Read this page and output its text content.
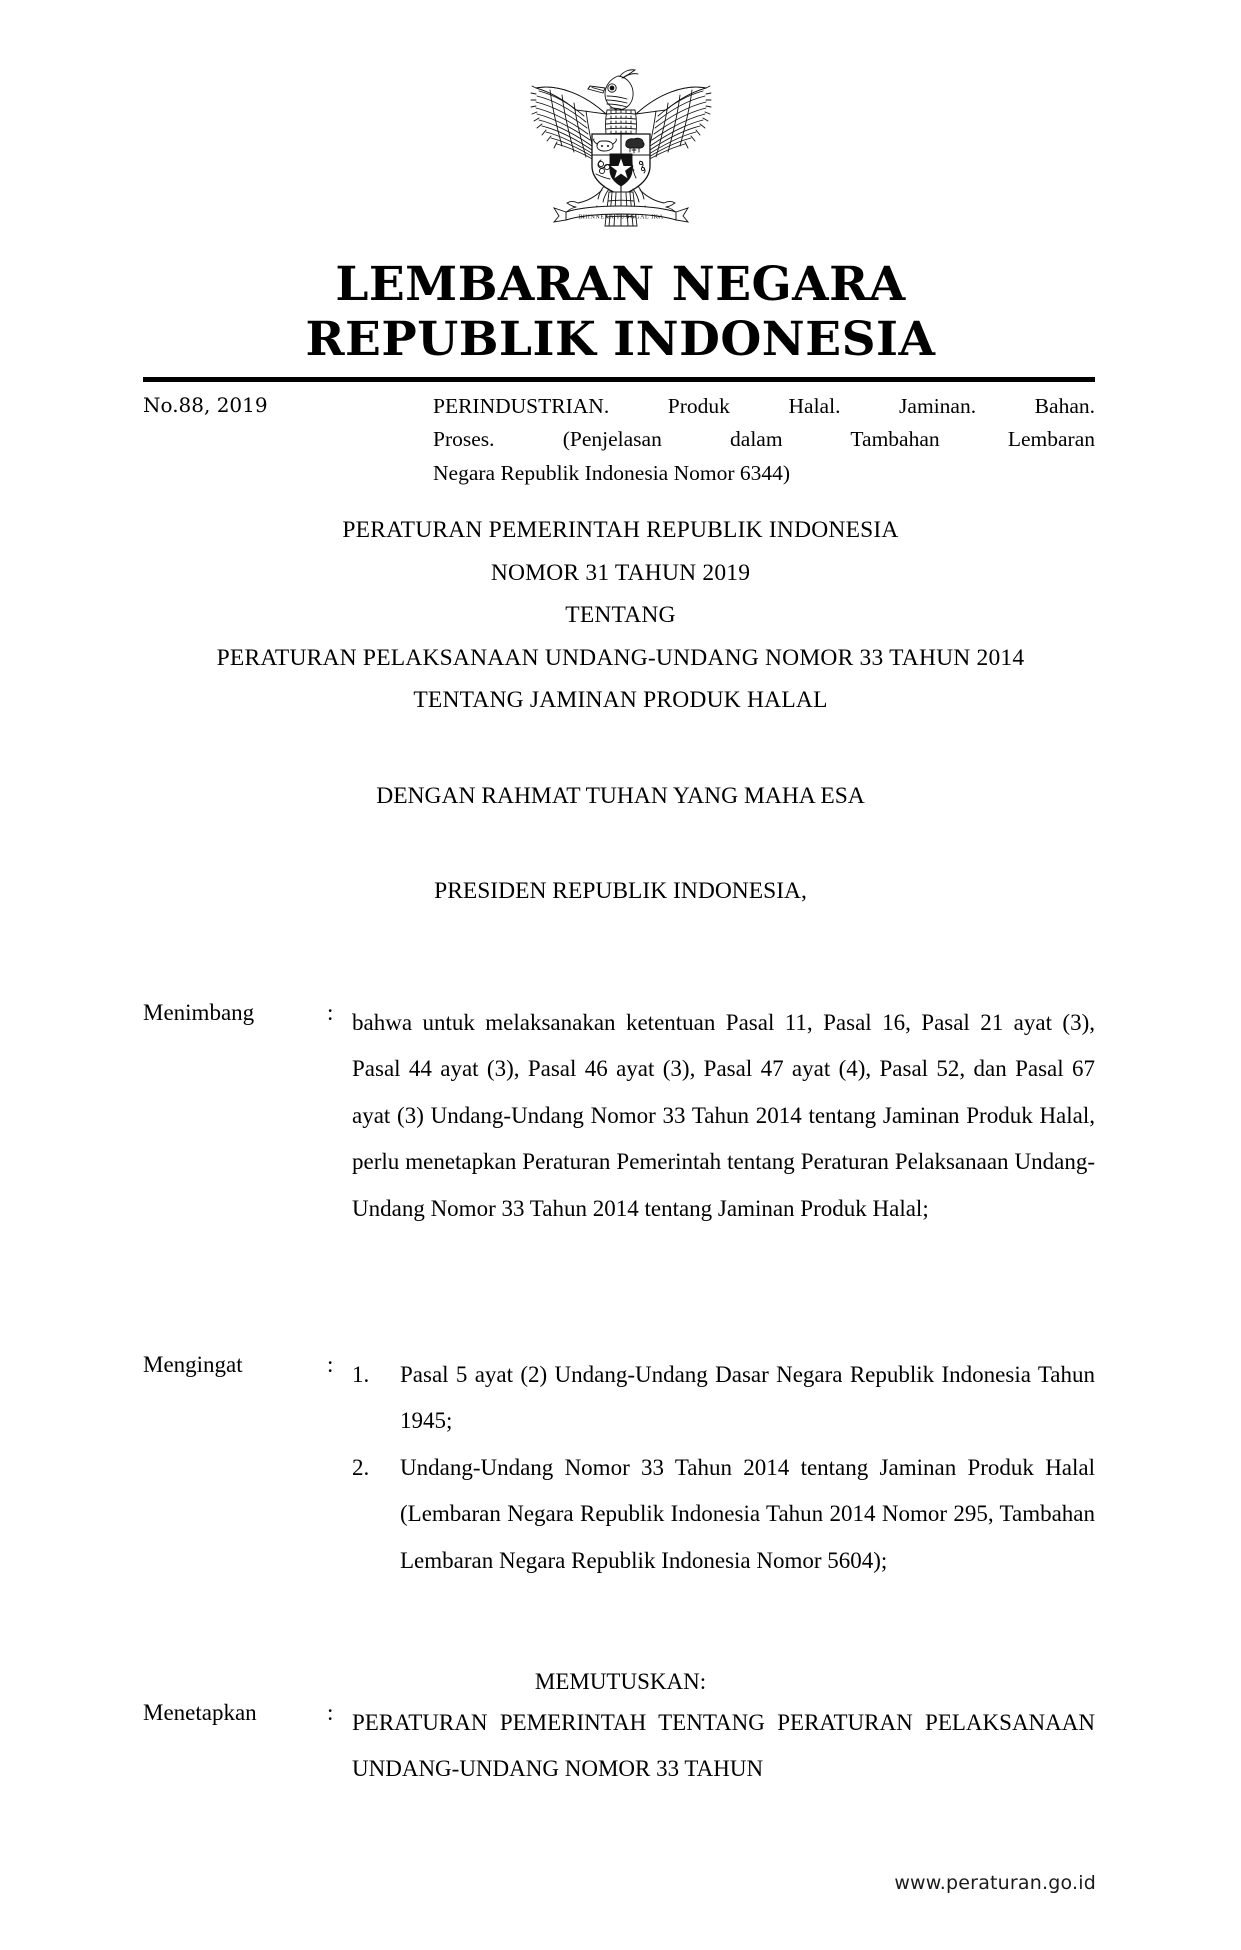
BHINNEKA TUNGGAL IKA
LEMBARAN NEGARA
REPUBLIK INDONESIA
No.88, 2019	PERINDUSTRIAN. Produk Halal. Jaminan. Bahan.
Proses. (Penjelasan dalam Tambahan Lembaran
Negara Republik Indonesia Nomor 6344)
PERATURAN PEMERINTAH REPUBLIK INDONESIA
NOMOR 31 TAHUN 2019
TENTANG
PERATURAN PELAKSANAAN UNDANG-UNDANG NOMOR 33 TAHUN 2014
TENTANG JAMINAN PRODUK HALAL
DENGAN RAHMAT TUHAN YANG MAHA ESA
PRESIDEN REPUBLIK INDONESIA,
Menimbang	: bahwa untuk melaksanakan ketentuan Pasal 11, Pasal 16, Pasal 21 ayat (3), Pasal 44 ayat (3), Pasal 46 ayat (3), Pasal 47 ayat (4), Pasal 52, dan Pasal 67 ayat (3) Undang-Undang Nomor 33 Tahun 2014 tentang Jaminan Produk Halal, perlu menetapkan Peraturan Pemerintah tentang Peraturan Pelaksanaan Undang-Undang Nomor 33 Tahun 2014 tentang Jaminan Produk Halal;

Mengingat	: 1. Pasal 5 ayat (2) Undang-Undang Dasar Negara Republik Indonesia Tahun 1945;
2. Undang-Undang Nomor 33 Tahun 2014 tentang Jaminan Produk Halal (Lembaran Negara Republik Indonesia Tahun 2014 Nomor 295, Tambahan Lembaran Negara Republik Indonesia Nomor 5604);
MEMUTUSKAN:
Menetapkan	: PERATURAN PEMERINTAH TENTANG PERATURAN PELAKSANAAN UNDANG-UNDANG NOMOR 33 TAHUN

www.peraturan.go.id
